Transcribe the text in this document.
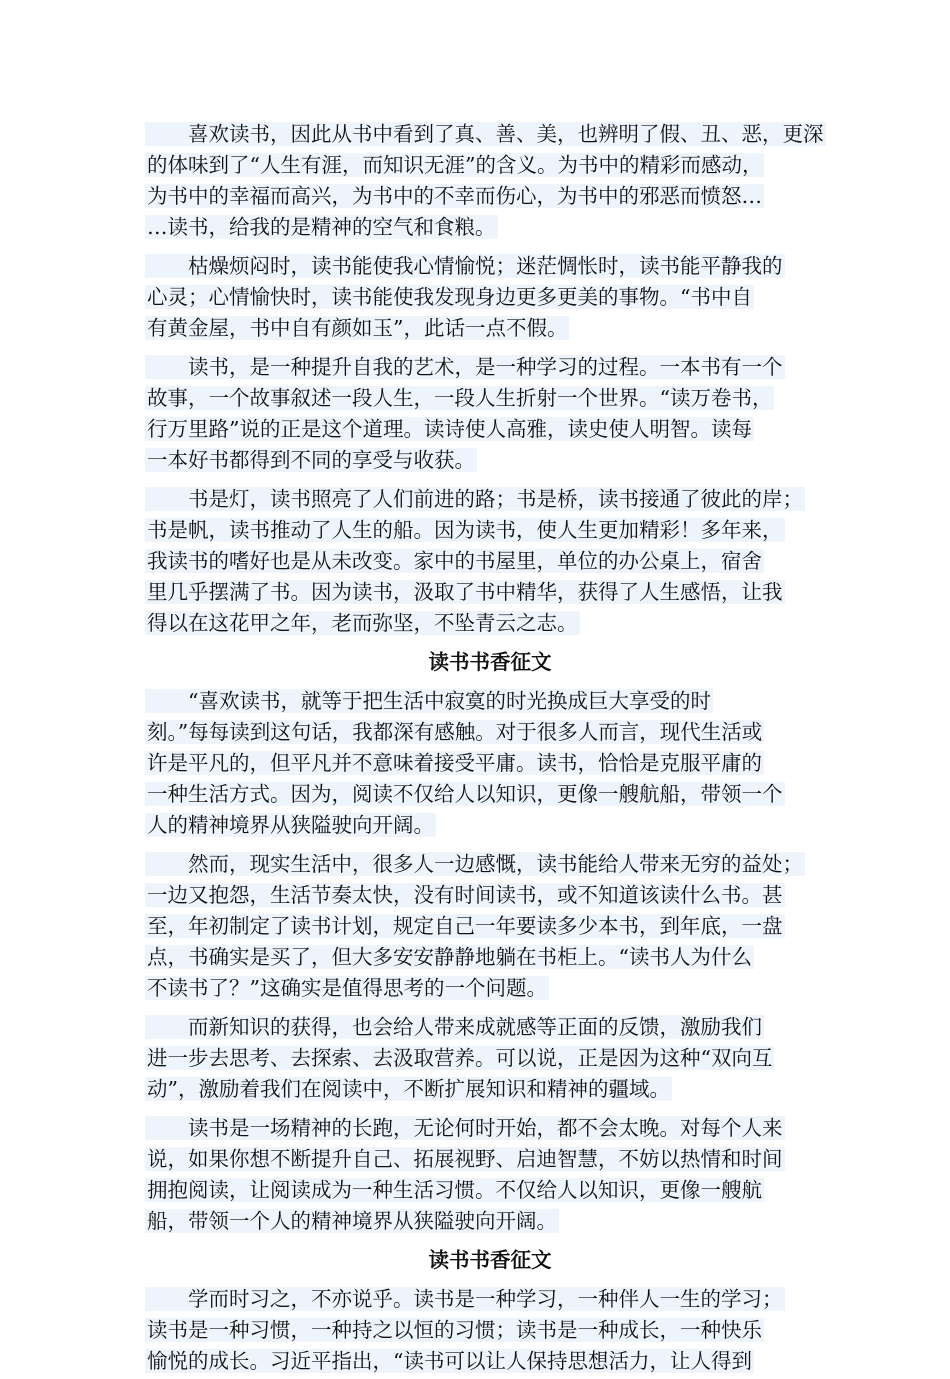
　　喜欢读书，因此从书中看到了真、善、美，也辨明了假、丑、恶，更深
的体味到了“人生有涯，而知识无涯”的含义。为书中的精彩而感动，
为书中的幸福而高兴，为书中的不幸而伤心，为书中的邪恶而愤怒…
…读书，给我的是精神的空气和食粮。
　　枯燥烦闷时，读书能使我心情愉悦；迷茫惆怅时，读书能平静我的
心灵；心情愉快时，读书能使我发现身边更多更美的事物。“书中自
有黄金屋，书中自有颜如玉”，此话一点不假。
　　读书，是一种提升自我的艺术，是一种学习的过程。一本书有一个
故事，一个故事叙述一段人生，一段人生折射一个世界。“读万卷书，
行万里路”说的正是这个道理。读诗使人高雅，读史使人明智。读每
一本好书都得到不同的享受与收获。
　　书是灯，读书照亮了人们前进的路；书是桥，读书接通了彼此的岸；
书是帆，读书推动了人生的船。因为读书，使人生更加精彩！多年来，
我读书的嗜好也是从未改变。家中的书屋里，单位的办公桌上，宿舍
里几乎摆满了书。因为读书，汲取了书中精华，获得了人生感悟，让我
得以在这花甲之年，老而弥坚，不坠青云之志。
读书书香征文
　　“喜欢读书，就等于把生活中寂寞的时光换成巨大享受的时
刻。”每每读到这句话，我都深有感触。对于很多人而言，现代生活或
许是平凡的，但平凡并不意味着接受平庸。读书，恰恰是克服平庸的
一种生活方式。因为，阅读不仅给人以知识，更像一艘航船，带领一个
人的精神境界从狭隘驶向开阔。
　　然而，现实生活中，很多人一边感慨，读书能给人带来无穷的益处；
一边又抱怨，生活节奏太快，没有时间读书，或不知道该读什么书。甚
至，年初制定了读书计划，规定自己一年要读多少本书，到年底，一盘
点，书确实是买了，但大多安安静静地躺在书柜上。“读书人为什么
不读书了？”这确实是值得思考的一个问题。
　　而新知识的获得，也会给人带来成就感等正面的反馈，激励我们
进一步去思考、去探索、去汲取营养。可以说，正是因为这种“双向互
动”，激励着我们在阅读中，不断扩展知识和精神的疆域。
　　读书是一场精神的长跑，无论何时开始，都不会太晚。对每个人来
说，如果你想不断提升自己、拓展视野、启迪智慧，不妨以热情和时间
拥抱阅读，让阅读成为一种生活习惯。不仅给人以知识，更像一艘航
船，带领一个人的精神境界从狭隘驶向开阔。
读书书香征文
　　学而时习之，不亦说乎。读书是一种学习，一种伴人一生的学习；
读书是一种习惯，一种持之以恒的习惯；读书是一种成长，一种快乐
愉悦的成长。习近平指出，“读书可以让人保持思想活力，让人得到
